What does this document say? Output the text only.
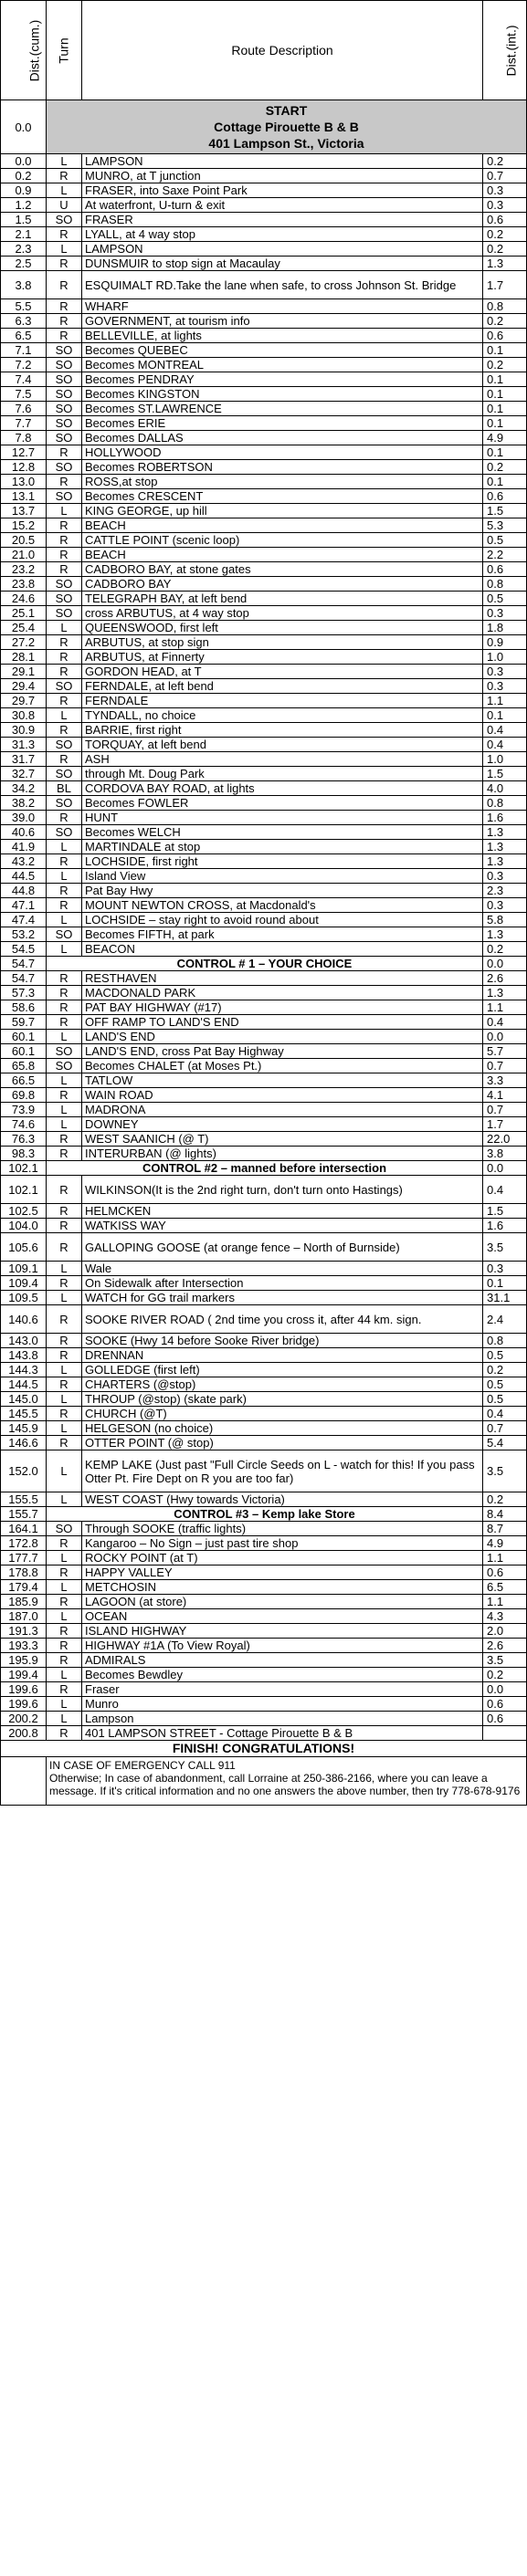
Dist.(cum.)	Turn	Route Description	Dist.(int.)
0.0	START
Cottage Pirouette B & B
401 Lampson St., Victoria		

0.0	L	LAMPSON	0.2
0.2	R	MUNRO, at T junction	0.7
0.9	L	FRASER, into Saxe Point Park	0.3
1.2	U	At waterfront, U-turn & exit	0.3
1.5	SO	FRASER	0.6
2.1	R	LYALL, at 4 way stop	0.2
2.3	L	LAMPSON	0.2
2.5	R	DUNSMUIR to stop sign at Macaulay	1.3
3.8	R	ESQUIMALT RD.Take the lane when safe, to cross Johnson St. Bridge	1.7
5.5	R	WHARF	0.8
6.3	R	GOVERNMENT, at tourism info	0.2
6.5	R	BELLEVILLE, at lights	0.6
7.1	SO	Becomes QUEBEC	0.1
7.2	SO	Becomes MONTREAL	0.2
7.4	SO	Becomes PENDRAY	0.1
7.5	SO	Becomes KINGSTON	0.1
7.6	SO	Becomes ST.LAWRENCE	0.1
7.7	SO	Becomes ERIE	0.1
7.8	SO	Becomes DALLAS	4.9
12.7	R	HOLLYWOOD	0.1
12.8	SO	Becomes ROBERTSON	0.2
13.0	R	ROSS,at stop	0.1
13.1	SO	Becomes CRESCENT	0.6
13.7	L	KING GEORGE, up hill	1.5
15.2	R	BEACH	5.3
20.5	R	CATTLE POINT (scenic loop)	0.5
21.0	R	BEACH	2.2
23.2	R	CADBORO BAY, at stone gates	0.6
23.8	SO	CADBORO BAY	0.8
24.6	SO	TELEGRAPH BAY, at left bend	0.5
25.1	SO	cross ARBUTUS, at 4 way stop	0.3
25.4	L	QUEENSWOOD, first left	1.8
27.2	R	ARBUTUS, at stop sign	0.9
28.1	R	ARBUTUS, at Finnerty	1.0
29.1	R	GORDON HEAD, at T	0.3
29.4	SO	FERNDALE, at left bend	0.3
29.7	R	FERNDALE	1.1
30.8	L	TYNDALL, no choice	0.1
30.9	R	BARRIE, first right	0.4
31.3	SO	TORQUAY, at left bend	0.4
31.7	R	ASH	1.0
32.7	SO	through Mt. Doug Park	1.5
34.2	BL	CORDOVA BAY ROAD, at lights	4.0
38.2	SO	Becomes FOWLER	0.8
39.0	R	HUNT	1.6
40.6	SO	Becomes WELCH	1.3
41.9	L	MARTINDALE at stop	1.3
43.2	R	LOCHSIDE, first right	1.3
44.5	L	Island View	0.3
44.8	R	Pat Bay Hwy	2.3
47.1	R	MOUNT NEWTON CROSS, at Macdonald's	0.3
47.4	L	LOCHSIDE – stay right to avoid round about	5.8
53.2	SO	Becomes FIFTH, at park	1.3
54.5	L	BEACON	0.2
54.7	CONTROL # 1 – YOUR CHOICE		0.0
54.7	R	RESTHAVEN	2.6
57.3	R	MACDONALD PARK	1.3
58.6	R	PAT BAY HIGHWAY (#17)	1.1
59.7	R	OFF RAMP TO LAND'S END	0.4
60.1	L	LAND'S END	0.0
60.1	SO	LAND'S END, cross Pat Bay Highway	5.7
65.8	SO	Becomes CHALET (at Moses Pt.)	0.7
66.5	L	TATLOW	3.3
69.8	R	WAIN ROAD	4.1
73.9	L	MADRONA	0.7
74.6	L	DOWNEY	1.7
76.3	R	WEST SAANICH (@ T)	22.0
98.3	R	INTERURBAN (@ lights)	3.8
102.1	CONTROL #2 – manned before intersection		0.0
102.1	R	WILKINSON(It is the 2nd right turn, don't turn onto Hastings)	0.4
102.5	R	HELMCKEN	1.5
104.0	R	WATKISS WAY	1.6
105.6	R	GALLOPING GOOSE (at orange fence – North of Burnside)	3.5
109.1	L	Wale	0.3
109.4	R	On Sidewalk after Intersection	0.1
109.5	L	WATCH for GG trail markers	31.1
140.6	R	SOOKE RIVER ROAD ( 2nd time you cross it, after 44 km. sign.	2.4
143.0	R	SOOKE (Hwy 14 before Sooke River bridge)	0.8
143.8	R	DRENNAN	0.5
144.3	L	GOLLEDGE (first left)	0.2
144.5	R	CHARTERS (@stop)	0.5
145.0	L	THROUP (@stop) (skate park)	0.5
145.5	R	CHURCH (@T)	0.4
145.9	L	HELGESON (no choice)	0.7
146.6	R	OTTER POINT (@ stop)	5.4
152.0	L	KEMP LAKE (Just past "Full Circle Seeds on L - watch for this! If you pass Otter Pt. Fire Dept on R you are too far)	3.5
155.5	L	WEST COAST (Hwy towards Victoria)	0.2
155.7	CONTROL #3 – Kemp lake Store		8.4
164.1	SO	Through SOOKE (traffic lights)	8.7
172.8	R	Kangaroo – No Sign – just past tire shop	4.9
177.7	L	ROCKY POINT (at T)	1.1
178.8	R	HAPPY VALLEY	0.6
179.4	L	METCHOSIN	6.5
185.9	R	LAGOON (at store)	1.1
187.0	L	OCEAN	4.3
191.3	R	ISLAND HIGHWAY	2.0
193.3	R	HIGHWAY #1A (To View Royal)	2.6
195.9	R	ADMIRALS	3.5
199.4	L	Becomes Bewdley	0.2
199.6	R	Fraser	0.0
199.6	L	Munro	0.6
200.2	L	Lampson	0.6
200.8	R	401 LAMPSON STREET - Cottage Pirouette B & B	
FINISH! CONGRATULATIONS!			
	IN CASE OF EMERGENCY CALL 911
Otherwise; In case of abandonment, call Lorraine at 250-386-2166, where you can leave a message. If it's critical information and no one answers the above number, then try 778-678-9176		
